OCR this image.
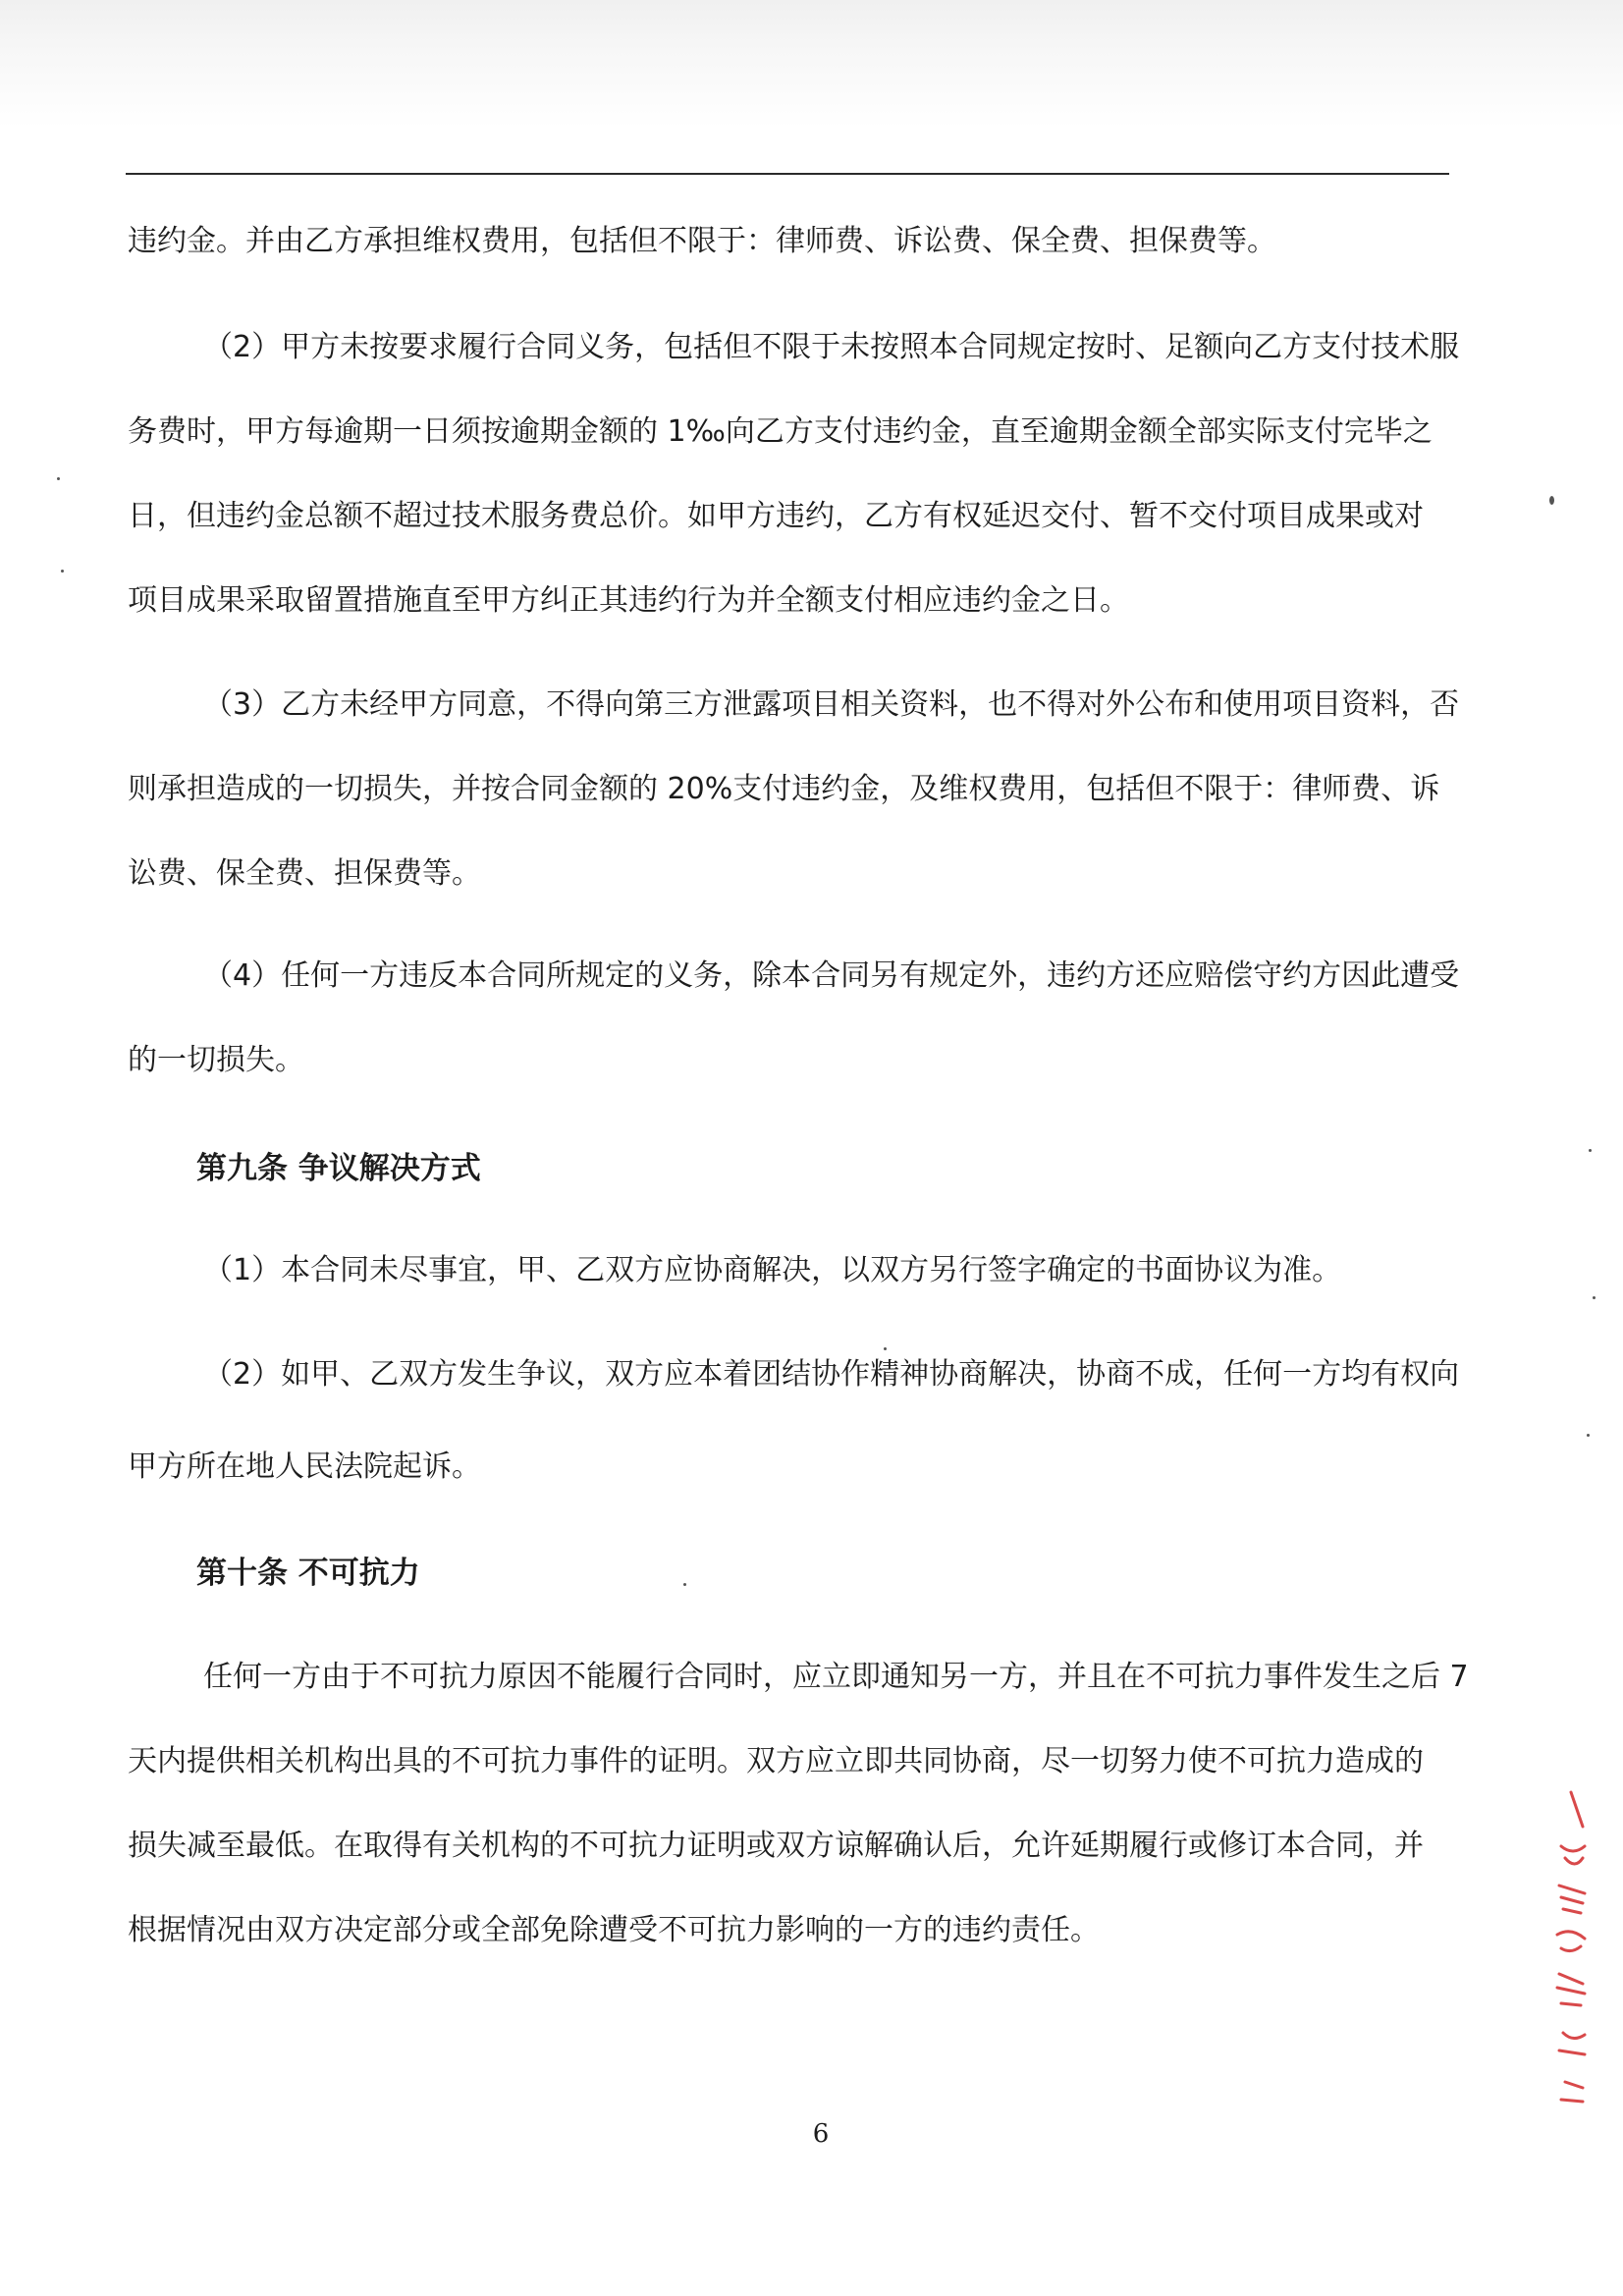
违约金。并由乙方承担维权费用，包括但不限于：律师费、诉讼费、保全费、担保费等。

（2）甲方未按要求履行合同义务，包括但不限于未按照本合同规定按时、足额向乙方支付技术服

务费时，甲方每逾期一日须按逾期金额的 1‰向乙方支付违约金，直至逾期金额全部实际支付完毕之

日，但违约金总额不超过技术服务费总价。如甲方违约，乙方有权延迟交付、暂不交付项目成果或对

项目成果采取留置措施直至甲方纠正其违约行为并全额支付相应违约金之日。

（3）乙方未经甲方同意，不得向第三方泄露项目相关资料，也不得对外公布和使用项目资料，否

则承担造成的一切损失，并按合同金额的 20%支付违约金，及维权费用，包括但不限于：律师费、诉

讼费、保全费、担保费等。

（4）任何一方违反本合同所规定的义务，除本合同另有规定外，违约方还应赔偿守约方因此遭受

的一切损失。

第九条 争议解决方式

（1）本合同未尽事宜，甲、乙双方应协商解决，以双方另行签字确定的书面协议为准。

（2）如甲、乙双方发生争议，双方应本着团结协作精神协商解决，协商不成，任何一方均有权向

甲方所在地人民法院起诉。

第十条 不可抗力

任何一方由于不可抗力原因不能履行合同时，应立即通知另一方，并且在不可抗力事件发生之后 7

天内提供相关机构出具的不可抗力事件的证明。双方应立即共同协商，尽一切努力使不可抗力造成的

损失减至最低。在取得有关机构的不可抗力证明或双方谅解确认后，允许延期履行或修订本合同，并

根据情况由双方决定部分或全部免除遭受不可抗力影响的一方的违约责任。

6
